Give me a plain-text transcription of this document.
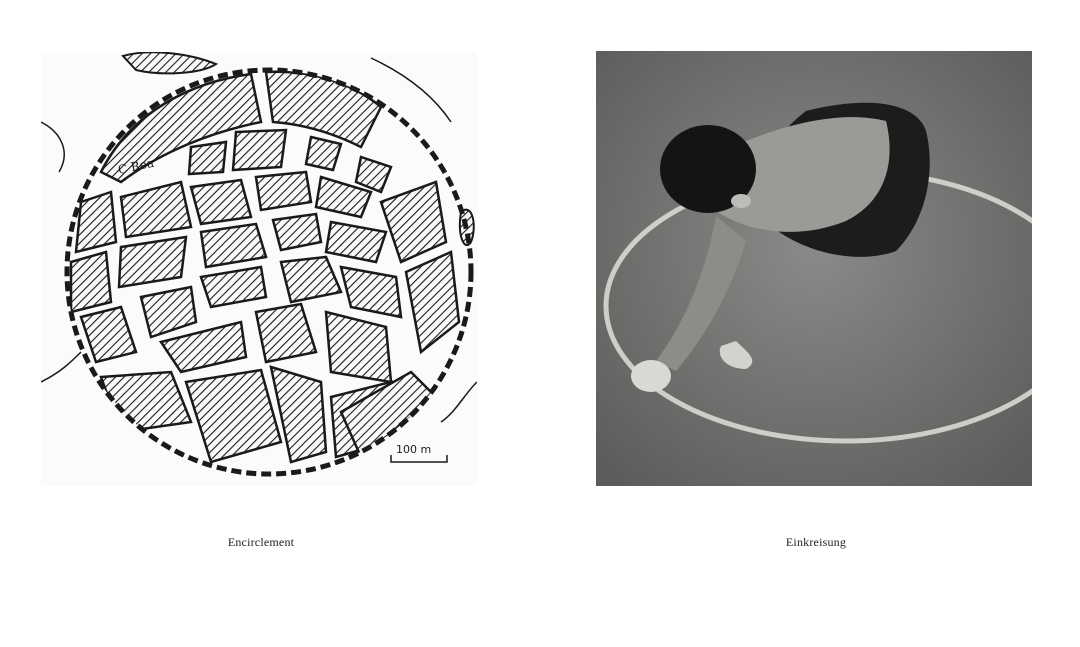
C Rea
100 m
Encirclement	Einkreisung
